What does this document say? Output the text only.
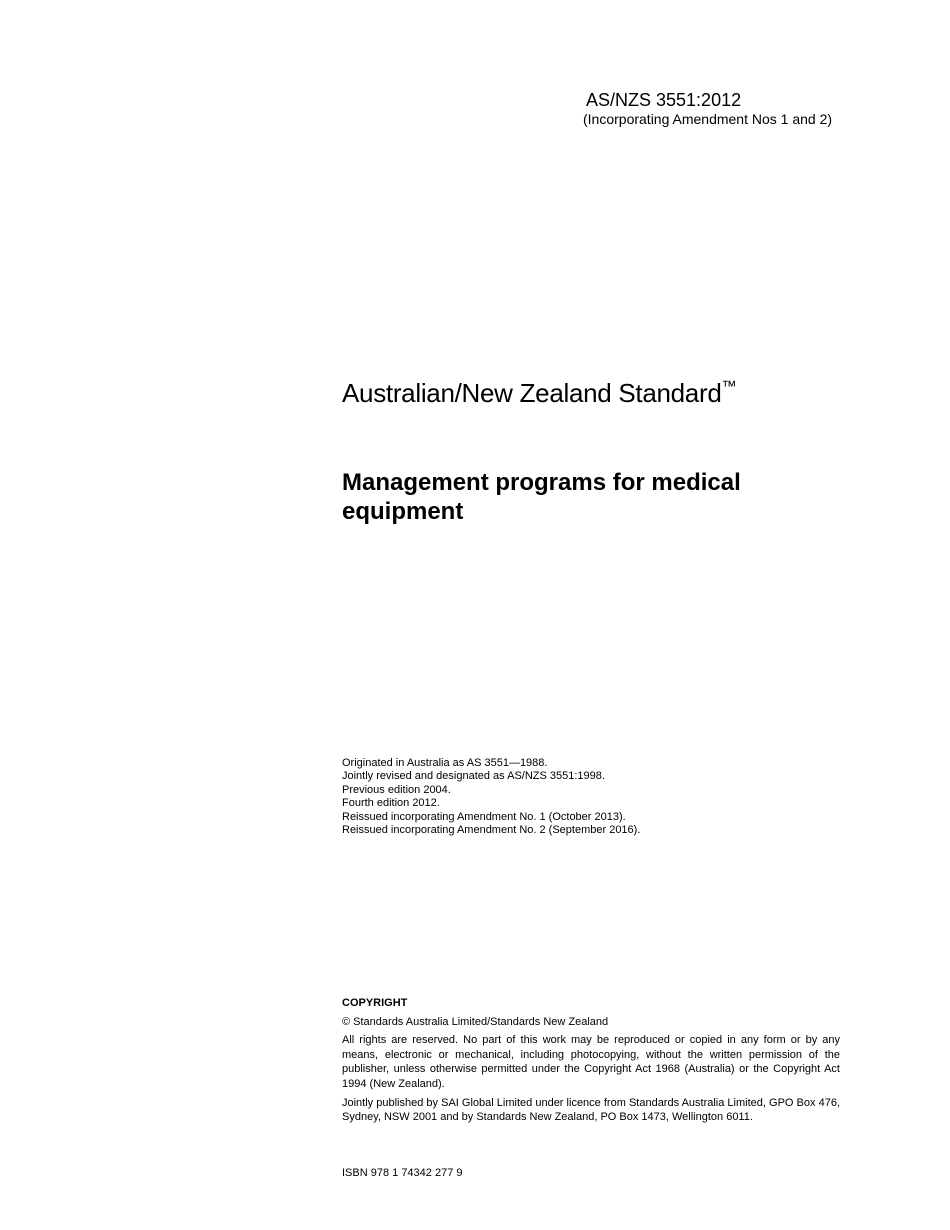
AS/NZS 3551:2012
(Incorporating Amendment Nos 1 and 2)
Australian/New Zealand Standard™
Management programs for medical equipment
Originated in Australia as AS 3551—1988.
Jointly revised and designated as AS/NZS 3551:1998.
Previous edition 2004.
Fourth edition 2012.
Reissued incorporating Amendment No. 1 (October 2013).
Reissued incorporating Amendment No. 2 (September 2016).
COPYRIGHT
© Standards Australia Limited/Standards New Zealand
All rights are reserved. No part of this work may be reproduced or copied in any form or by any means, electronic or mechanical, including photocopying, without the written permission of the publisher, unless otherwise permitted under the Copyright Act 1968 (Australia) or the Copyright Act 1994 (New Zealand).
Jointly published by SAI Global Limited under licence from Standards Australia Limited, GPO Box 476, Sydney, NSW 2001 and by Standards New Zealand, PO Box 1473, Wellington 6011.
ISBN 978 1 74342 277 9
